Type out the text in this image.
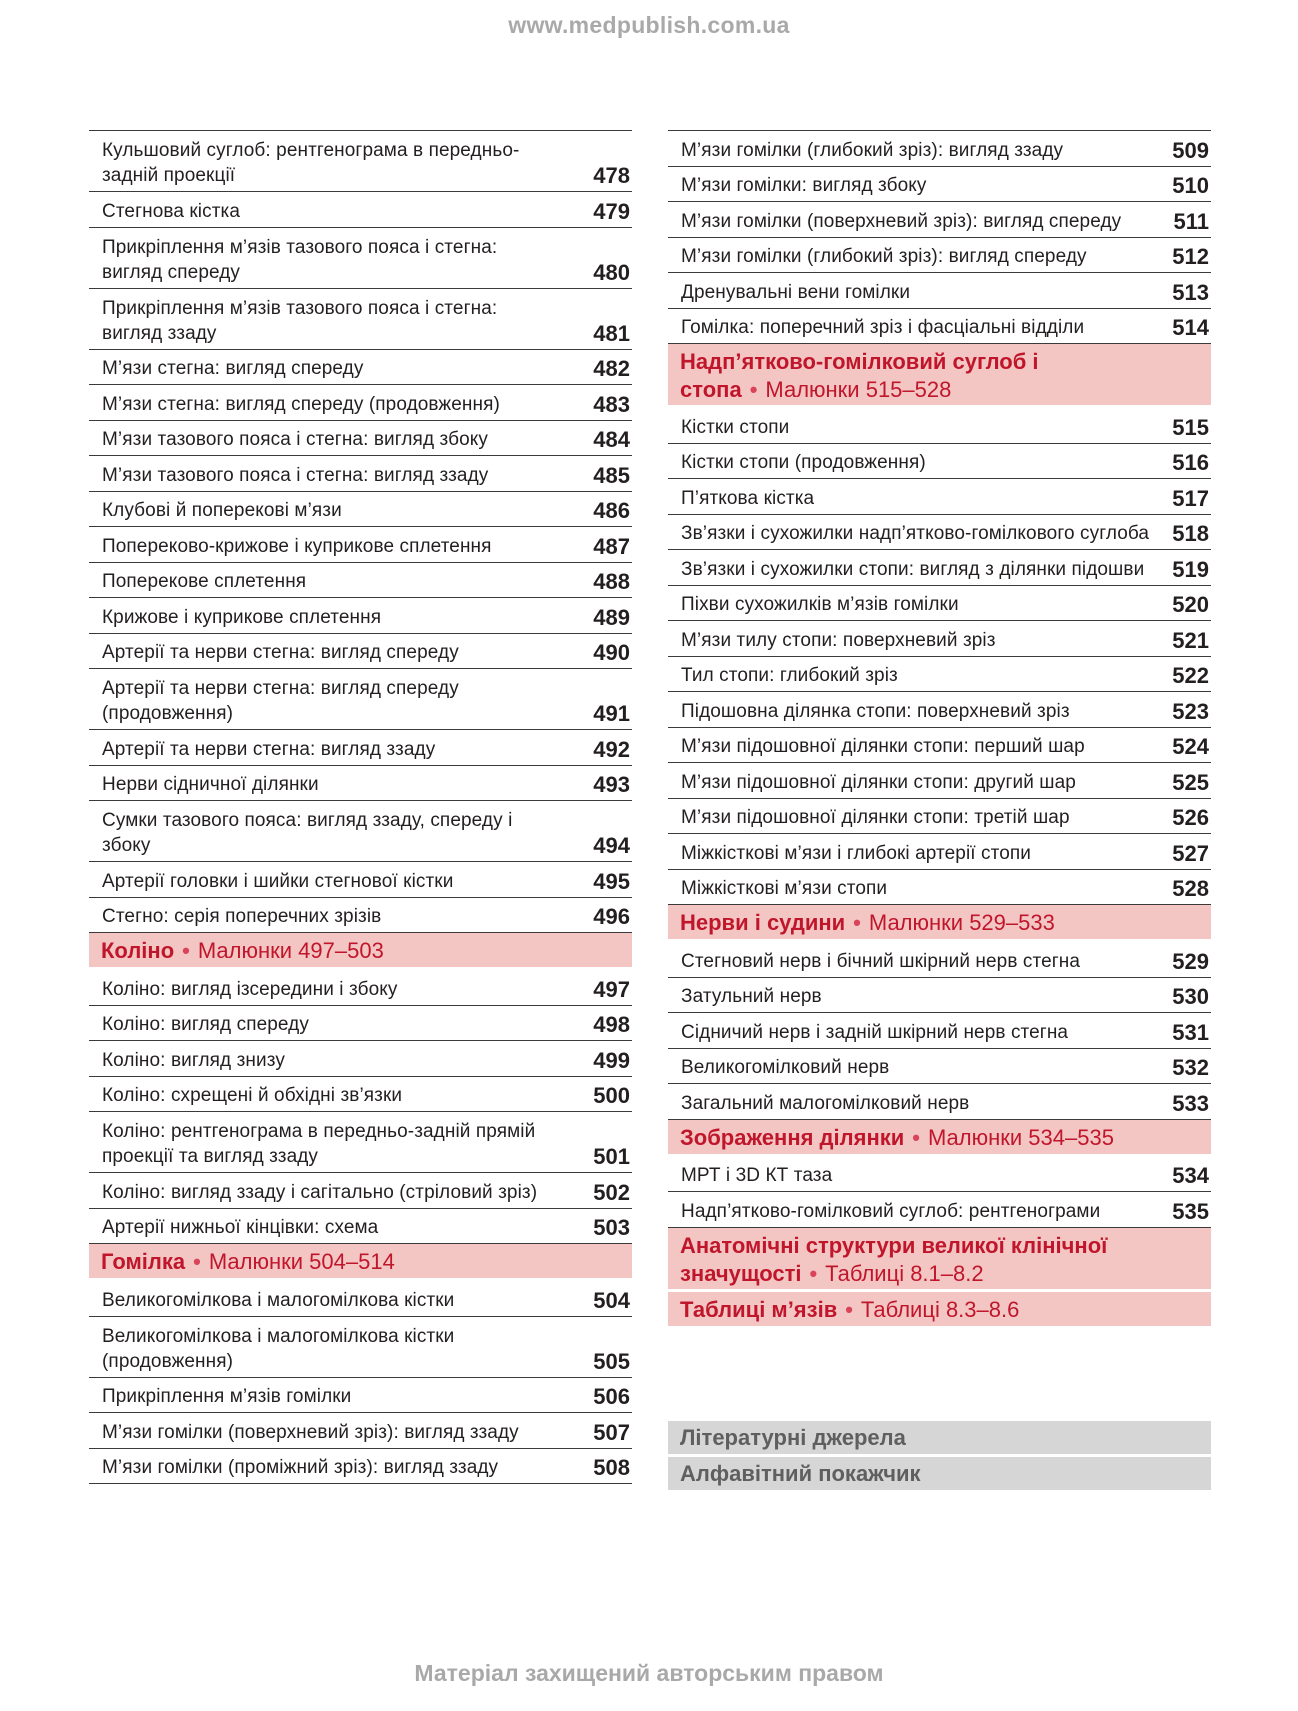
www.medpublish.com.ua
Кульшовий суглоб: рентгенограма в передньо-задній проекції	478
Стегнова кістка	479
Прикріплення м’язів тазового пояса і стегна: вигляд спереду	480
Прикріплення м’язів тазового пояса і стегна: вигляд ззаду	481
М’язи стегна: вигляд спереду	482
М’язи стегна: вигляд спереду (продовження)	483
М’язи тазового пояса і стегна: вигляд збоку	484
М’язи тазового пояса і стегна: вигляд ззаду	485
Клубові й поперекові м’язи	486
Попереково-крижове і куприкове сплетення	487
Поперекове сплетення	488
Крижове і куприкове сплетення	489
Артерії та нерви стегна: вигляд спереду	490
Артерії та нерви стегна: вигляд спереду (продовження)	491
Артерії та нерви стегна: вигляд ззаду	492
Нерви сідничної ділянки	493
Сумки тазового пояса: вигляд ззаду, спереду і збоку	494
Артерії головки і шийки стегнової кістки	495
Стегно: серія поперечних зрізів	496
Коліно • Малюнки 497–503
Коліно: вигляд ізсередини і збоку	497
Коліно: вигляд спереду	498
Коліно: вигляд знизу	499
Коліно: схрещені й обхідні зв’язки	500
Коліно: рентгенограма в передньо-задній прямій проекції та вигляд ззаду	501
Коліно: вигляд ззаду і сагітально (стріловий зріз)	502
Артерії нижньої кінцівки: схема	503
Гомілка • Малюнки 504–514
Великогомілкова і малогомілкова кістки	504
Великогомілкова і малогомілкова кістки (продовження)	505
Прикріплення м’язів гомілки	506
М’язи гомілки (поверхневий зріз): вигляд ззаду	507
М’язи гомілки (проміжний зріз): вигляд ззаду	508
М’язи гомілки (глибокий зріз): вигляд ззаду	509
М’язи гомілки: вигляд збоку	510
М’язи гомілки (поверхневий зріз): вигляд спереду 511
М’язи гомілки (глибокий зріз): вигляд спереду	512
Дренувальні вени гомілки	513
Гомілка: поперечний зріз і фасціальні відділи	514
Надп’ятково-гомілковий суглоб і стопа • Малюнки 515–528
Кістки стопи	515
Кістки стопи (продовження)	516
П’яткова кістка	517
Зв’язки і сухожилки надп’ятково-гомілкового суглоба 518
Зв’язки і сухожилки стопи: вигляд з ділянки підошви 519
Піхви сухожилків м’язів гомілки	520
М’язи тилу стопи: поверхневий зріз	521
Тил стопи: глибокий зріз	522
Підошовна ділянка стопи: поверхневий зріз	523
М’язи підошовної ділянки стопи: перший шар	524
М’язи підошовної ділянки стопи: другий шар	525
М’язи підошовної ділянки стопи: третій шар	526
Міжкісткові м’язи і глибокі артерії стопи	527
Міжкісткові м’язи стопи	528
Нерви і судини • Малюнки 529–533
Стегновий нерв і бічний шкірний нерв стегна	529
Затульний нерв	530
Сідничий нерв і задній шкірний нерв стегна	531
Великогомілковий нерв	532
Загальний малогомілковий нерв	533
Зображення ділянки • Малюнки 534–535
МРТ і 3D КТ таза	534
Надп’ятково-гомілковий суглоб: рентгенограми	535
Анатомічні структури великої клінічної значущості • Таблиці 8.1–8.2
Таблиці м’язів • Таблиці 8.3–8.6
Літературні джерела
Алфавітний покажчик
Матеріал захищений авторським правом
